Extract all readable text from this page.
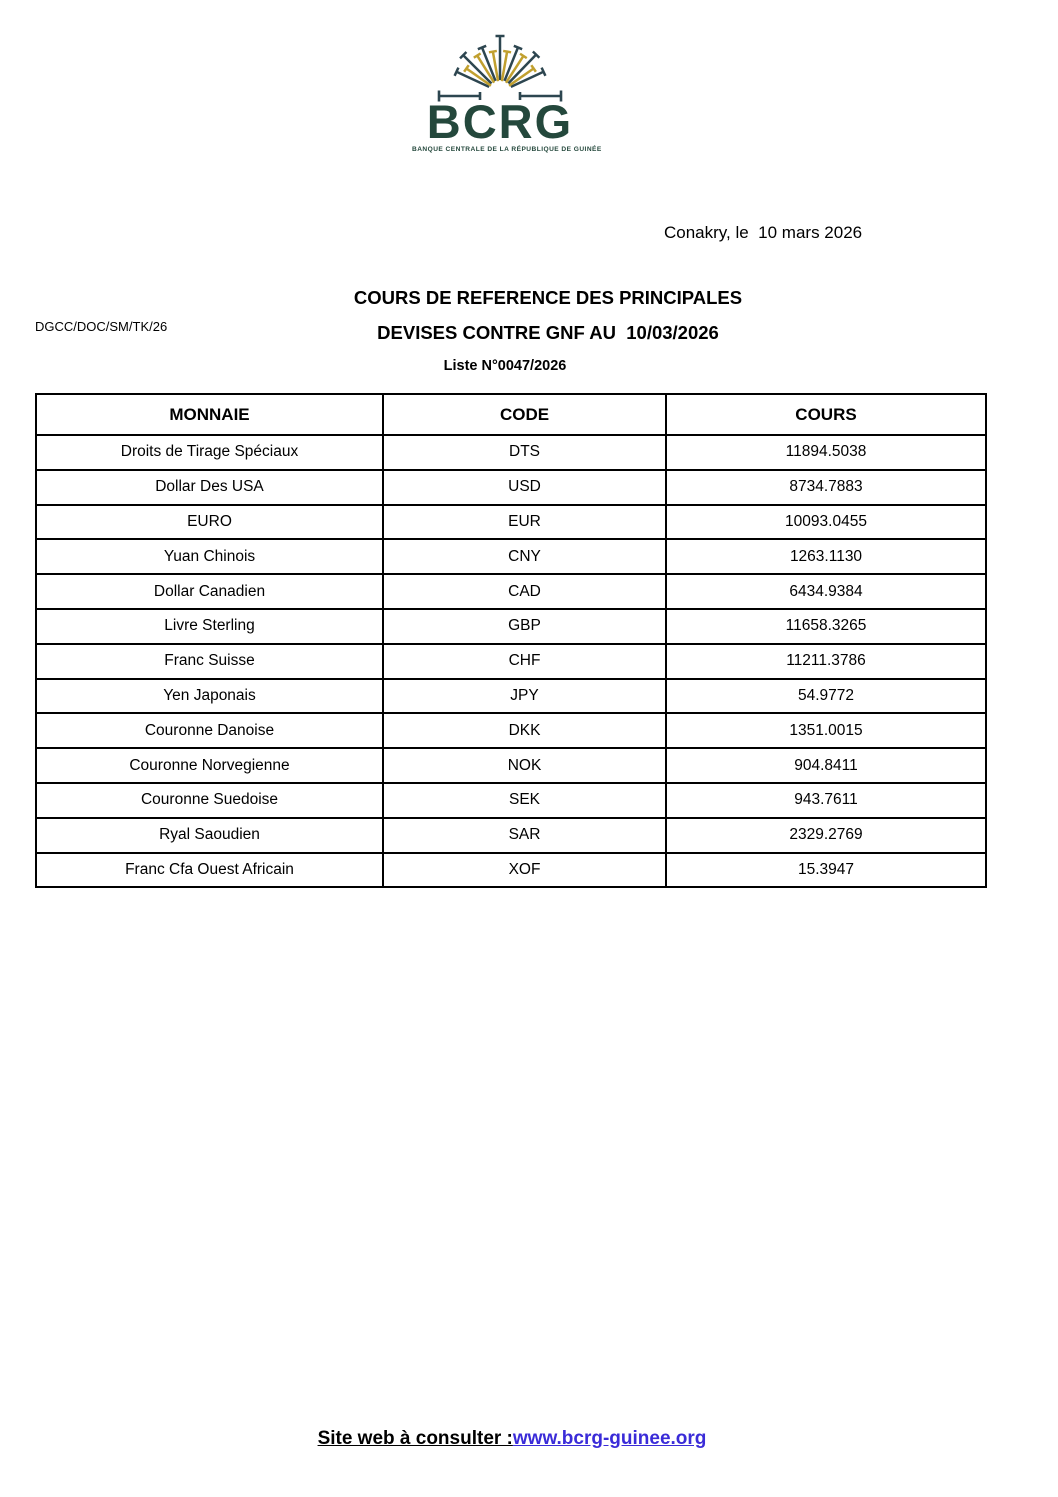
BCRG
BANQUE CENTRALE DE LA RÉPUBLIQUE DE GUINÉE
Conakry, le  10 mars 2026
DGCC/DOC/SM/TK/26
COURS DE REFERENCE DES PRINCIPALES
DEVISES CONTRE GNF AU  10/03/2026
Liste N°0047/2026
MONNAIE	CODE	COURS
Droits de Tirage Spéciaux	DTS	11894.5038
Dollar Des USA	USD	8734.7883
EURO	EUR	10093.0455
Yuan Chinois	CNY	1263.1130
Dollar Canadien	CAD	6434.9384
Livre Sterling	GBP	11658.3265
Franc Suisse	CHF	11211.3786
Yen Japonais	JPY	54.9772
Couronne Danoise	DKK	1351.0015
Couronne Norvegienne	NOK	904.8411
Couronne Suedoise	SEK	943.7611
Ryal Saoudien	SAR	2329.2769
Franc Cfa Ouest Africain	XOF	15.3947
Site web à consulter :www.bcrg-guinee.org
